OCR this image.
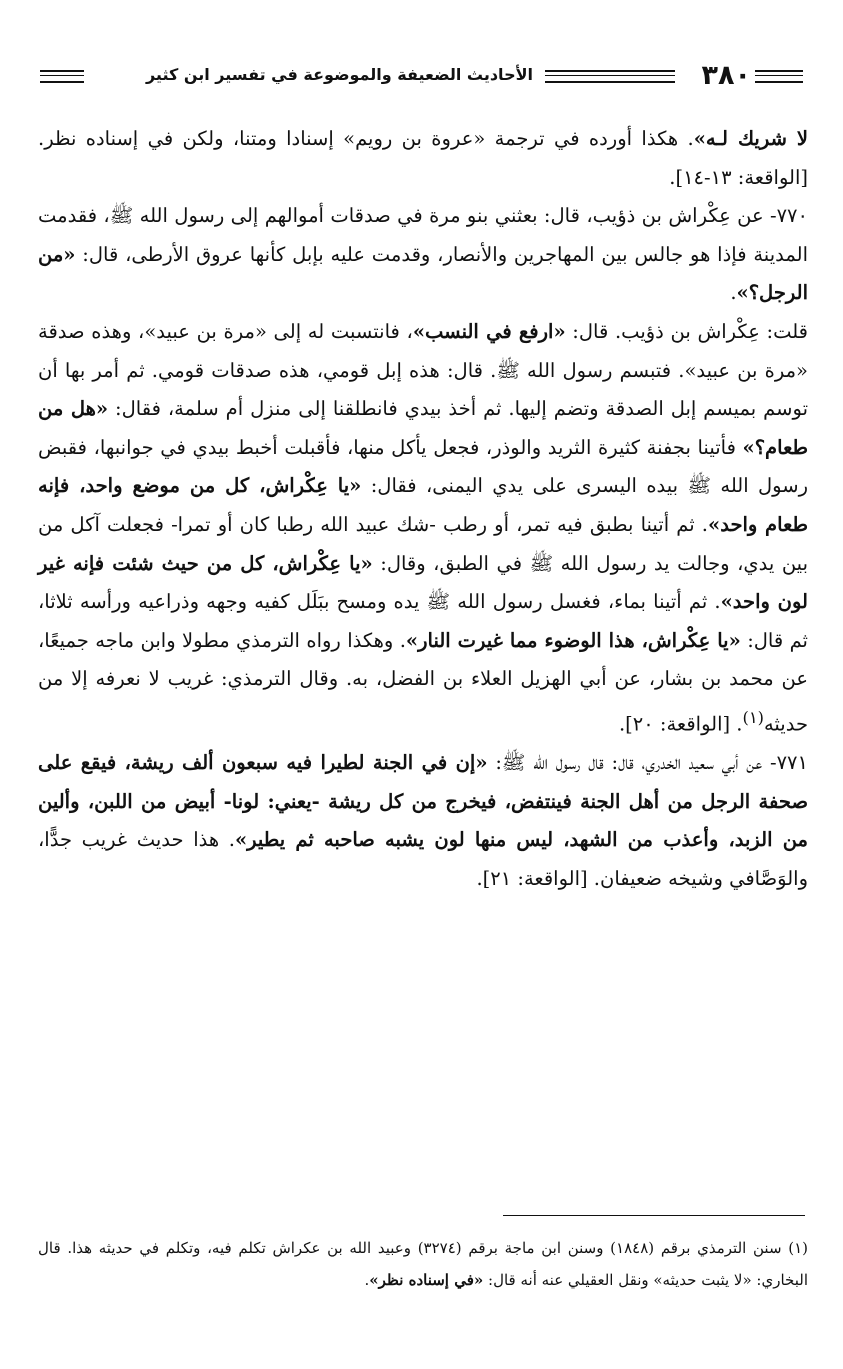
٣٨٠
الأحاديث الضعيفة والموضوعة في تفسير ابن كثير

لا شريك لـه». هكذا أورده في ترجمة «عروة بن رويم» إسنادا ومتنا، ولكن في إسناده نظر. [الواقعة: ١٣-١٤].

٧٧٠- عن عِكْراش بن ذؤيب، قال: بعثني بنو مرة في صدقات أموالهم إلى رسول الله ﷺ، فقدمت المدينة فإذا هو جالس بين المهاجرين والأنصار، وقدمت عليه بإبل كأنها عروق الأرطى، قال: «من الرجل؟».

قلت: عِكْراش بن ذؤيب. قال: «ارفع في النسب»، فانتسبت له إلى «مرة بن عبيد»، وهذه صدقة «مرة بن عبيد». فتبسم رسول الله ﷺ. قال: هذه إبل قومي، هذه صدقات قومي. ثم أمر بها أن توسم بميسم إبل الصدقة وتضم إليها. ثم أخذ بيدي فانطلقنا إلى منزل أم سلمة، فقال: «هل من طعام؟» فأتينا بجفنة كثيرة الثريد والوذر، فجعل يأكل منها، فأقبلت أخبط بيدي في جوانبها، فقبض رسول الله ﷺ بيده اليسرى على يدي اليمنى، فقال: «يا عِكْراش، كل من موضع واحد، فإنه طعام واحد». ثم أتينا بطبق فيه تمر، أو رطب -شك عبيد الله رطبا كان أو تمرا- فجعلت آكل من بين يدي، وجالت يد رسول الله ﷺ في الطبق، وقال: «يا عِكْراش، كل من حيث شئت فإنه غير لون واحد». ثم أتينا بماء، فغسل رسول الله ﷺ يده ومسح ببَلَل كفيه وجهه وذراعيه ورأسه ثلاثا، ثم قال: «يا عِكْراش، هذا الوضوء مما غيرت النار». وهكذا رواه الترمذي مطولا وابن ماجه جميعًا، عن محمد بن بشار، عن أبي الهزيل العلاء بن الفضل، به. وقال الترمذي: غريب لا نعرفه إلا من حديثه$^{(١)}$. [الواقعة: ٢٠].

٧٧١- عن أبي سعيد الخدري، قال: قال رسول الله ﷺ: «إن في الجنة لطيرا فيه سبعون ألف ريشة، فيقع على صحفة الرجل من أهل الجنة فينتفض، فيخرج من كل ريشة -يعني: لونا- أبيض من اللبن، وألين من الزبد، وأعذب من الشهد، ليس منها لون يشبه صاحبه ثم يطير». هذا حديث غريب جدًّا، والوَصَّافي وشيخه ضعيفان. [الواقعة: ٢١].

(١) سنن الترمذي برقم (١٨٤٨) وسنن ابن ماجة برقم (٣٢٧٤) وعبيد الله بن عكراش تكلم فيه، وتكلم في حديثه هذا. قال البخاري: «لا يثبت حديثه» ونقل العقيلي عنه أنه قال: «في إسناده نظر».
